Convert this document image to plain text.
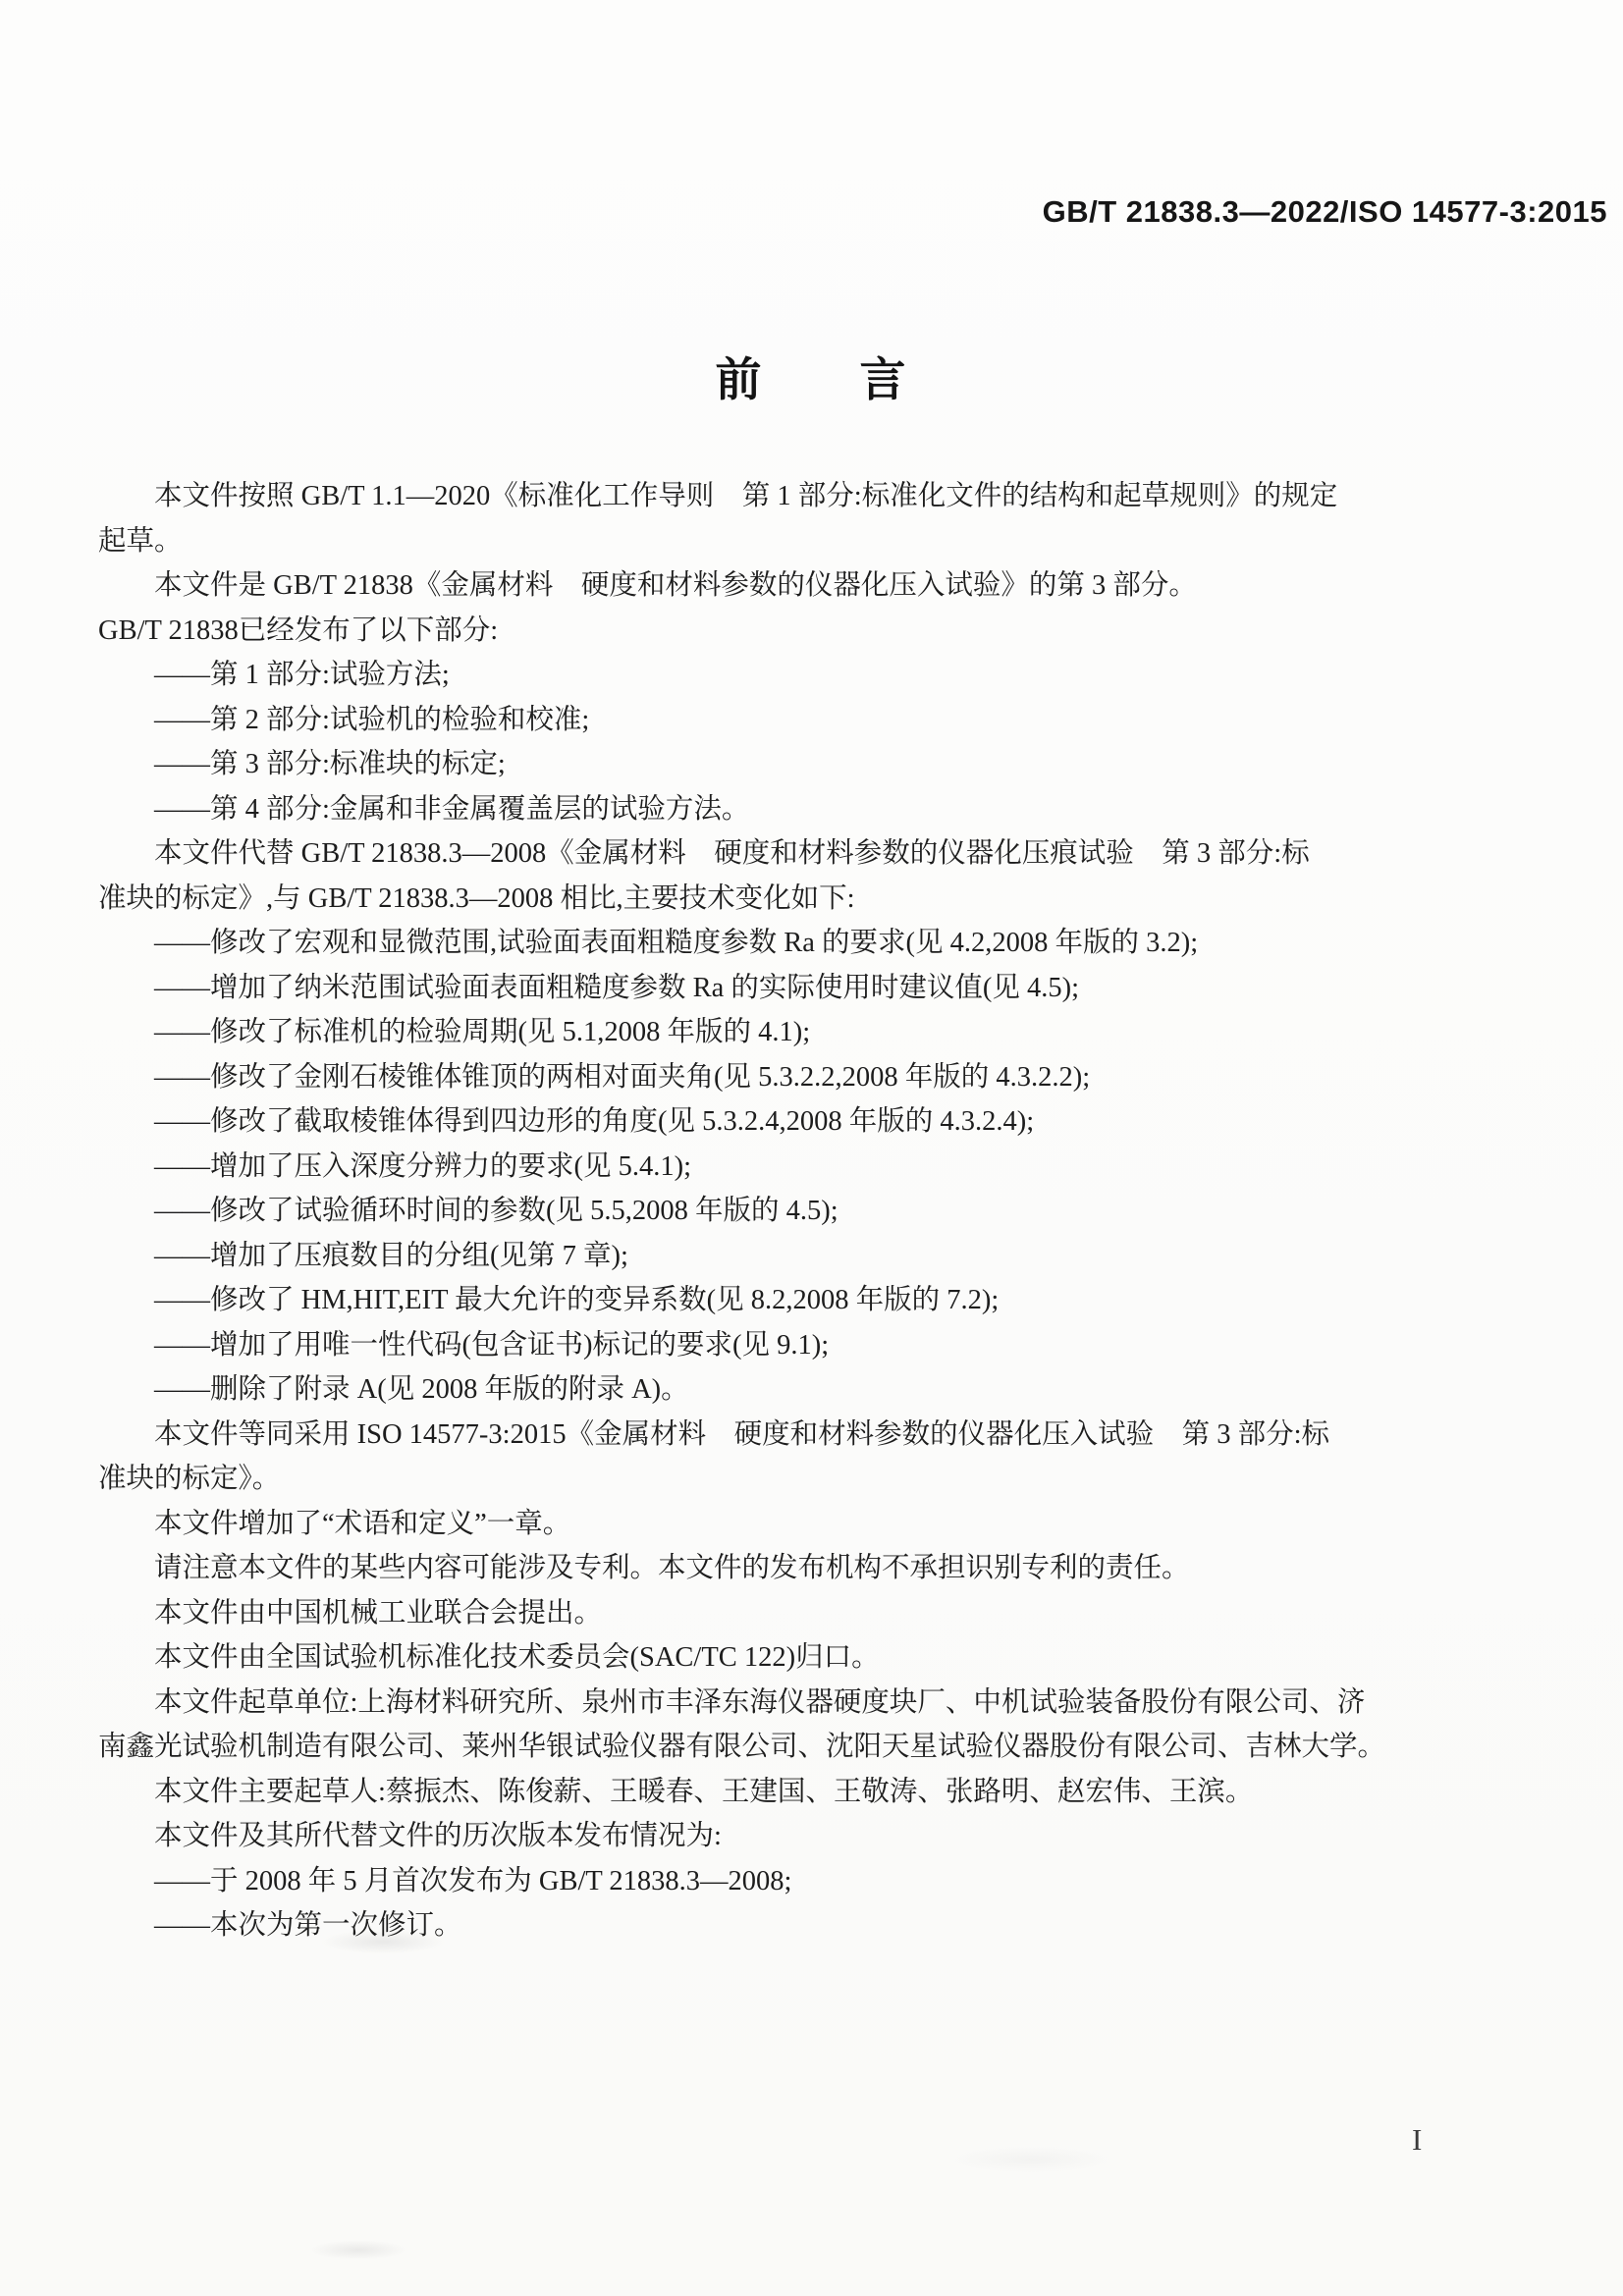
GB/T 21838.3—2022/ISO 14577-3:2015
前　　言
本文件按照 GB/T 1.1—2020《标准化工作导则　第 1 部分:标准化文件的结构和起草规则》的规定
起草。
本文件是 GB/T 21838《金属材料　硬度和材料参数的仪器化压入试验》的第 3 部分。
GB/T 21838已经发布了以下部分:
——第 1 部分:试验方法;
——第 2 部分:试验机的检验和校准;
——第 3 部分:标准块的标定;
——第 4 部分:金属和非金属覆盖层的试验方法。
本文件代替 GB/T 21838.3—2008《金属材料　硬度和材料参数的仪器化压痕试验　第 3 部分:标
准块的标定》,与 GB/T 21838.3—2008 相比,主要技术变化如下:
——修改了宏观和显微范围,试验面表面粗糙度参数 Ra 的要求(见 4.2,2008 年版的 3.2);
——增加了纳米范围试验面表面粗糙度参数 Ra 的实际使用时建议值(见 4.5);
——修改了标准机的检验周期(见 5.1,2008 年版的 4.1);
——修改了金刚石棱锥体锥顶的两相对面夹角(见 5.3.2.2,2008 年版的 4.3.2.2);
——修改了截取棱锥体得到四边形的角度(见 5.3.2.4,2008 年版的 4.3.2.4);
——增加了压入深度分辨力的要求(见 5.4.1);
——修改了试验循环时间的参数(见 5.5,2008 年版的 4.5);
——增加了压痕数目的分组(见第 7 章);
——修改了 HM,HIT,EIT 最大允许的变异系数(见 8.2,2008 年版的 7.2);
——增加了用唯一性代码(包含证书)标记的要求(见 9.1);
——删除了附录 A(见 2008 年版的附录 A)。
本文件等同采用 ISO 14577-3:2015《金属材料　硬度和材料参数的仪器化压入试验　第 3 部分:标
准块的标定》。
本文件增加了“术语和定义”一章。
请注意本文件的某些内容可能涉及专利。本文件的发布机构不承担识别专利的责任。
本文件由中国机械工业联合会提出。
本文件由全国试验机标准化技术委员会(SAC/TC 122)归口。
本文件起草单位:上海材料研究所、泉州市丰泽东海仪器硬度块厂、中机试验装备股份有限公司、济
南鑫光试验机制造有限公司、莱州华银试验仪器有限公司、沈阳天星试验仪器股份有限公司、吉林大学。
本文件主要起草人:蔡振杰、陈俊薪、王暖春、王建国、王敬涛、张路明、赵宏伟、王滨。
本文件及其所代替文件的历次版本发布情况为:
——于 2008 年 5 月首次发布为 GB/T 21838.3—2008;
——本次为第一次修订。
I
